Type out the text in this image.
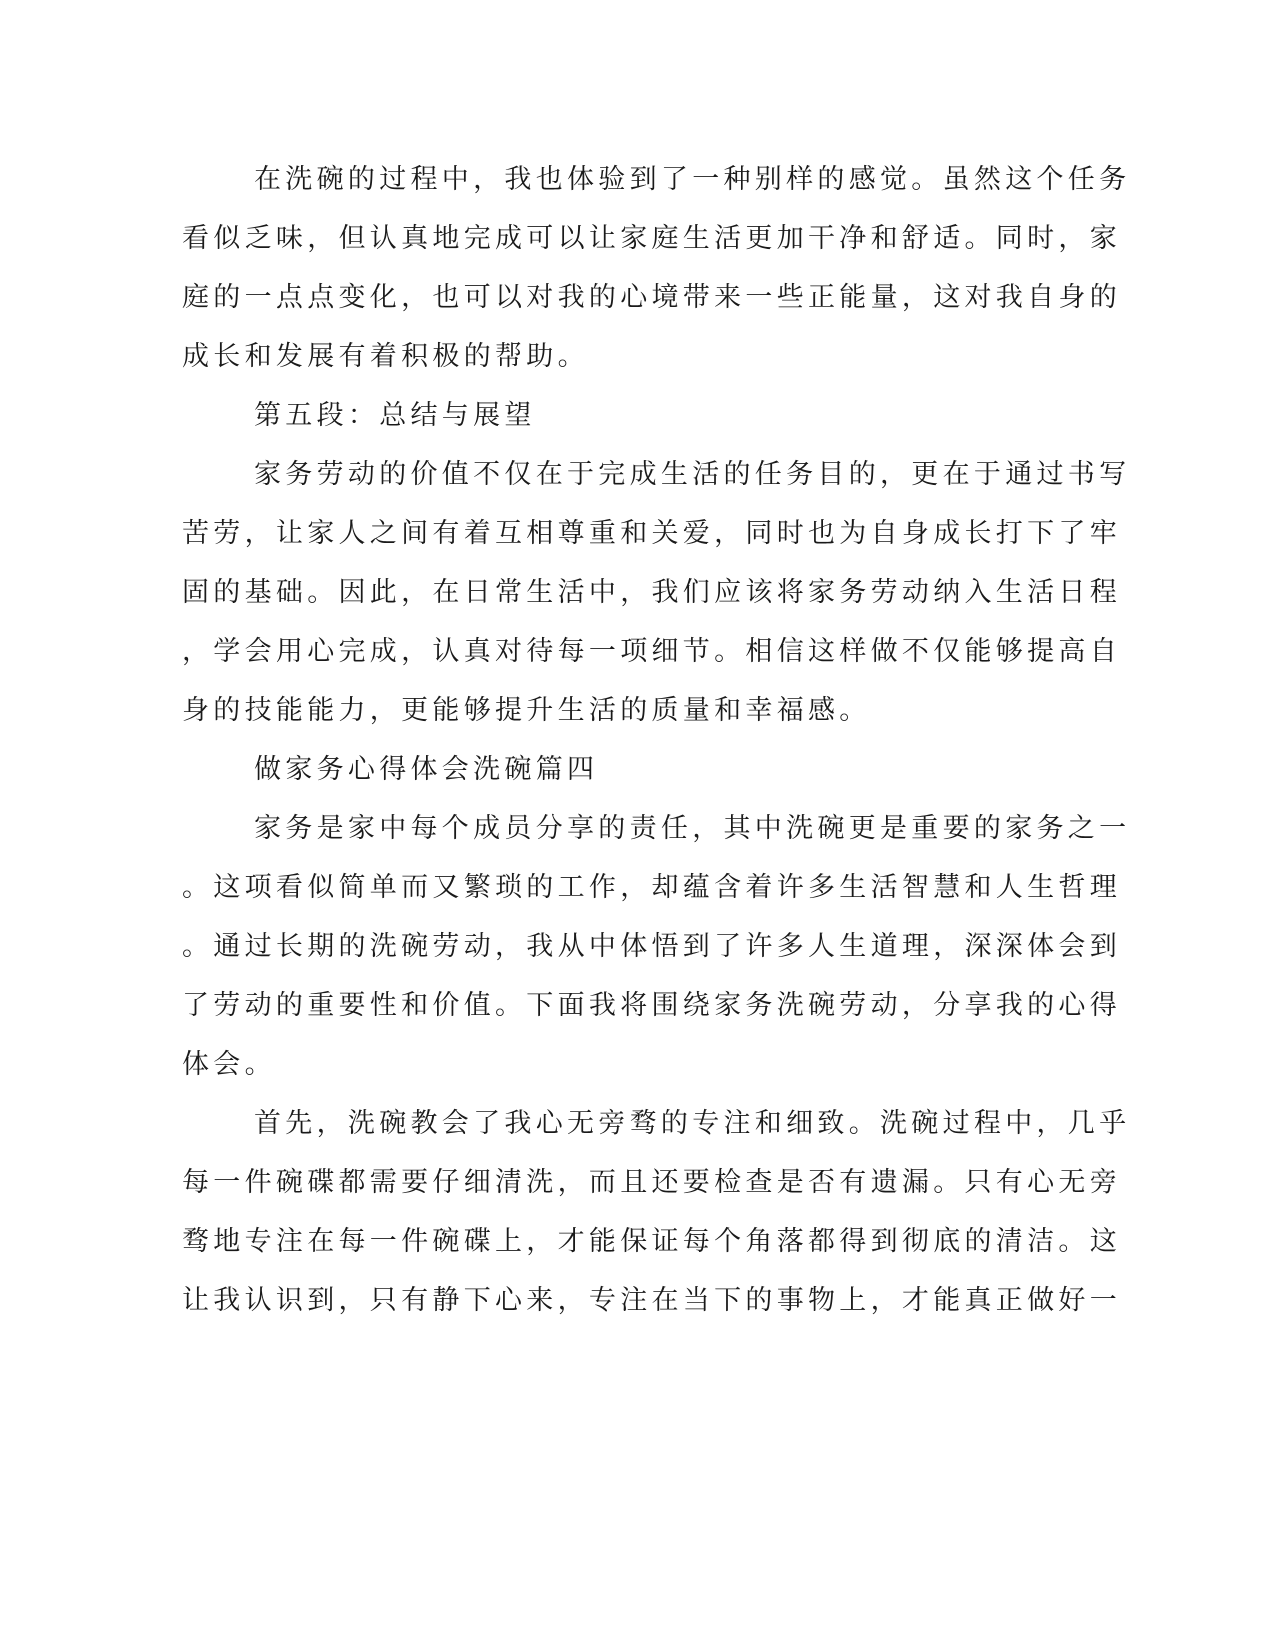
在洗碗的过程中，我也体验到了一种别样的感觉。虽然这个任务

看似乏味，但认真地完成可以让家庭生活更加干净和舒适。同时，家

庭的一点点变化，也可以对我的心境带来一些正能量，这对我自身的

成长和发展有着积极的帮助。

第五段：总结与展望

家务劳动的价值不仅在于完成生活的任务目的，更在于通过书写

苦劳，让家人之间有着互相尊重和关爱，同时也为自身成长打下了牢

固的基础。因此，在日常生活中，我们应该将家务劳动纳入生活日程

，学会用心完成，认真对待每一项细节。相信这样做不仅能够提高自

身的技能能力，更能够提升生活的质量和幸福感。

做家务心得体会洗碗篇四

家务是家中每个成员分享的责任，其中洗碗更是重要的家务之一

。这项看似简单而又繁琐的工作，却蕴含着许多生活智慧和人生哲理

。通过长期的洗碗劳动，我从中体悟到了许多人生道理，深深体会到

了劳动的重要性和价值。下面我将围绕家务洗碗劳动，分享我的心得

体会。

首先，洗碗教会了我心无旁骛的专注和细致。洗碗过程中，几乎

每一件碗碟都需要仔细清洗，而且还要检查是否有遗漏。只有心无旁

骛地专注在每一件碗碟上，才能保证每个角落都得到彻底的清洁。这

让我认识到，只有静下心来，专注在当下的事物上，才能真正做好一
